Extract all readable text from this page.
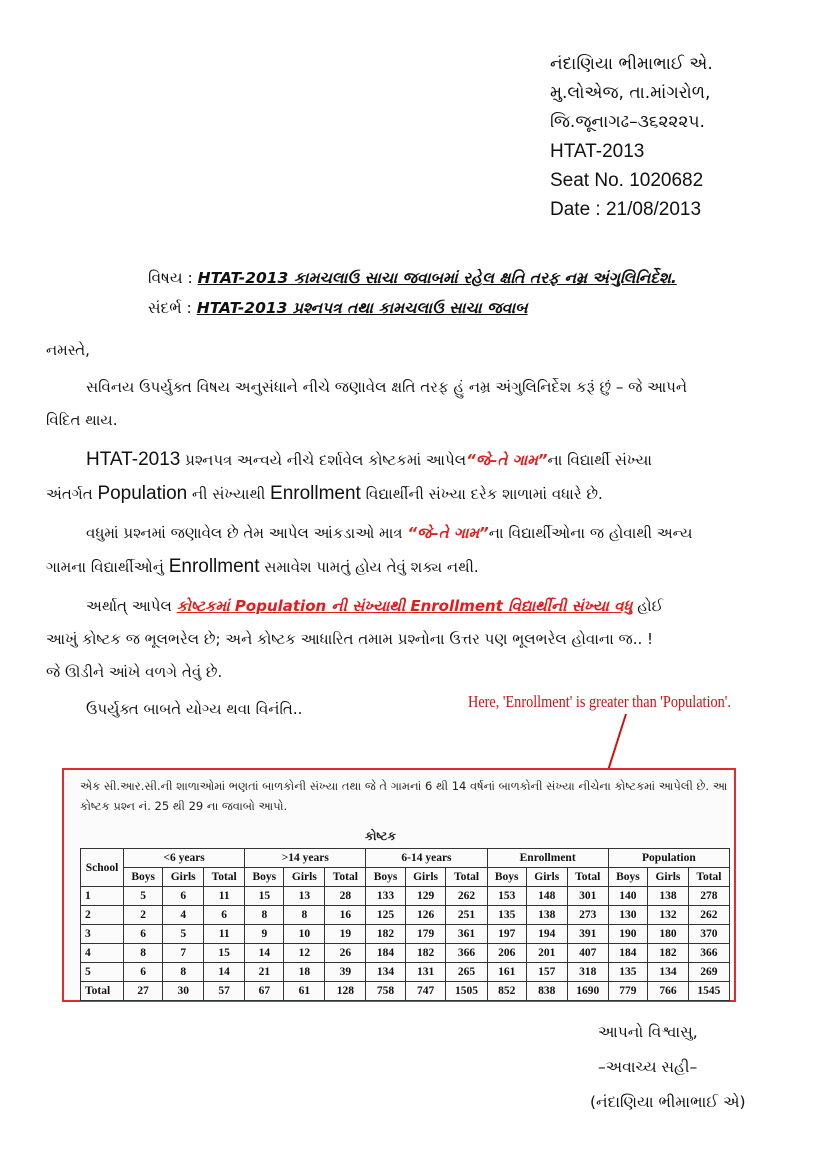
નંદાણિયા ભીમાભાઈ એ.
મુ.લોએજ, તા.માંગરોળ,
જિ.જૂનાગઢ–૩૬૨૨૨૫.
HTAT-2013
Seat No. 1020682
Date : 21/08/2013
વિષય : HTAT-2013 કામચલાઉ સાચા જવાબમાં રહેલ ક્ષતિ તરફ નમ્ર અંગુલિનિર્દેશ.
સંદર્ભ : HTAT-2013 પ્રશ્નપત્ર તથા કામચલાઉ સાચા જવાબ

નમસ્તે,

સવિનય ઉપર્યુક્ત વિષય અનુસંધાને નીચે જણાવેલ ક્ષતિ તરફ હું નમ્ર અંગુલિનિર્દેશ કરૂં છું – જે આપને

વિદિત થાય.

HTAT-2013 પ્રશ્નપત્ર અન્વયે નીચે દર્શાવેલ કોષ્ટકમાં આપેલ“જે–તે ગામ”ના વિદ્યાર્થી સંખ્યા

અંતર્ગત Population ની સંખ્યાથી Enrollment વિદ્યાર્થીની સંખ્યા દરેક શાળામાં વધારે છે.

વધુમાં પ્રશ્નમાં જણાવેલ છે તેમ આપેલ આંકડાઓ માત્ર “જે–તે ગામ”ના વિદ્યાર્થીઓના જ હોવાથી અન્ય

ગામના વિદ્યાર્થીઓનું Enrollment સમાવેશ પામતું હોય તેવું શક્ય નથી.

અર્થાત્ આપેલ કોષ્ટકમાં Population ની સંખ્યાથી Enrollment વિદ્યાર્થીની સંખ્યા વધુ હોઈ

આખું કોષ્ટક જ ભૂલભરેલ છે; અને કોષ્ટક આધારિત તમામ પ્રશ્નોના ઉત્તર પણ ભૂલભરેલ હોવાના જ.. !

જે ઊડીને આંખે વળગે તેવું છે.

ઉપર્યુક્ત બાબતે યોગ્ય થવા વિનંતિ..	Here, 'Enrollment' is greater than 'Population'.
એક સી.આર.સી.ની શાળાઓમાં ભણતાં બાળકોની સંખ્યા તથા જે તે ગામનાં 6 થી 14 વર્ષનાં બાળકોની સંખ્યા નીચેના કોષ્ટકમાં આપેલી છે. આ કોષ્ટક પ્રશ્ન નં. 25 થી 29 ના જવાબો આપો.
કોષ્ટક
School	<6 years			>14 years			6-14 years			Enrollment			Population		
	Boys	Girls	Total	Boys	Girls	Total	Boys	Girls	Total	Boys	Girls	Total	Boys	Girls	Total
1	5	6	11	15	13	28	133	129	262	153	148	301	140	138	278
2	2	4	6	8	8	16	125	126	251	135	138	273	130	132	262
3	6	5	11	9	10	19	182	179	361	197	194	391	190	180	370
4	8	7	15	14	12	26	184	182	366	206	201	407	184	182	366
5	6	8	14	21	18	39	134	131	265	161	157	318	135	134	269
Total	27	30	57	67	61	128	758	747	1505	852	838	1690	779	766	1545
આપનો વિશ્વાસુ,
–અવાચ્ય સહી–
(નંદાણિયા ભીમાભાઈ એ)
